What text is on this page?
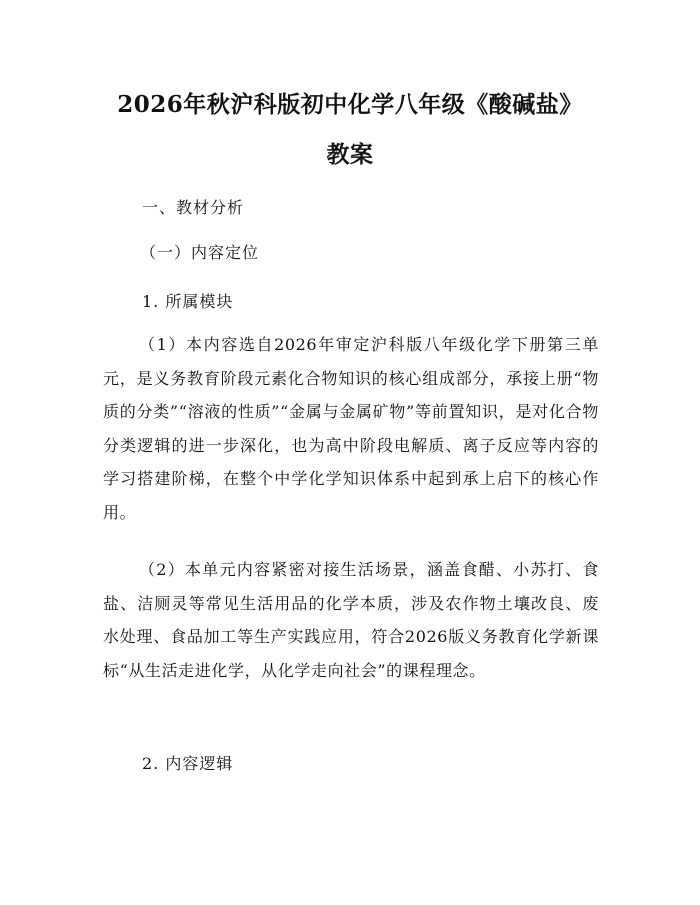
2026年秋沪科版初中化学八年级《酸碱盐》
教案

一、教材分析

（一）内容定位

1. 所属模块

（1）本内容选自2026年审定沪科版八年级化学下册第三单元，是义务教育阶段元素化合物知识的核心组成部分，承接上册“物质的分类”“溶液的性质”“金属与金属矿物”等前置知识，是对化合物分类逻辑的进一步深化，也为高中阶段电解质、离子反应等内容的学习搭建阶梯，在整个中学化学知识体系中起到承上启下的核心作用。

（2）本单元内容紧密对接生活场景，涵盖食醋、小苏打、食盐、洁厕灵等常见生活用品的化学本质，涉及农作物土壤改良、废水处理、食品加工等生产实践应用，符合2026版义务教育化学新课标“从生活走进化学，从化学走向社会”的课程理念。

2. 内容逻辑
